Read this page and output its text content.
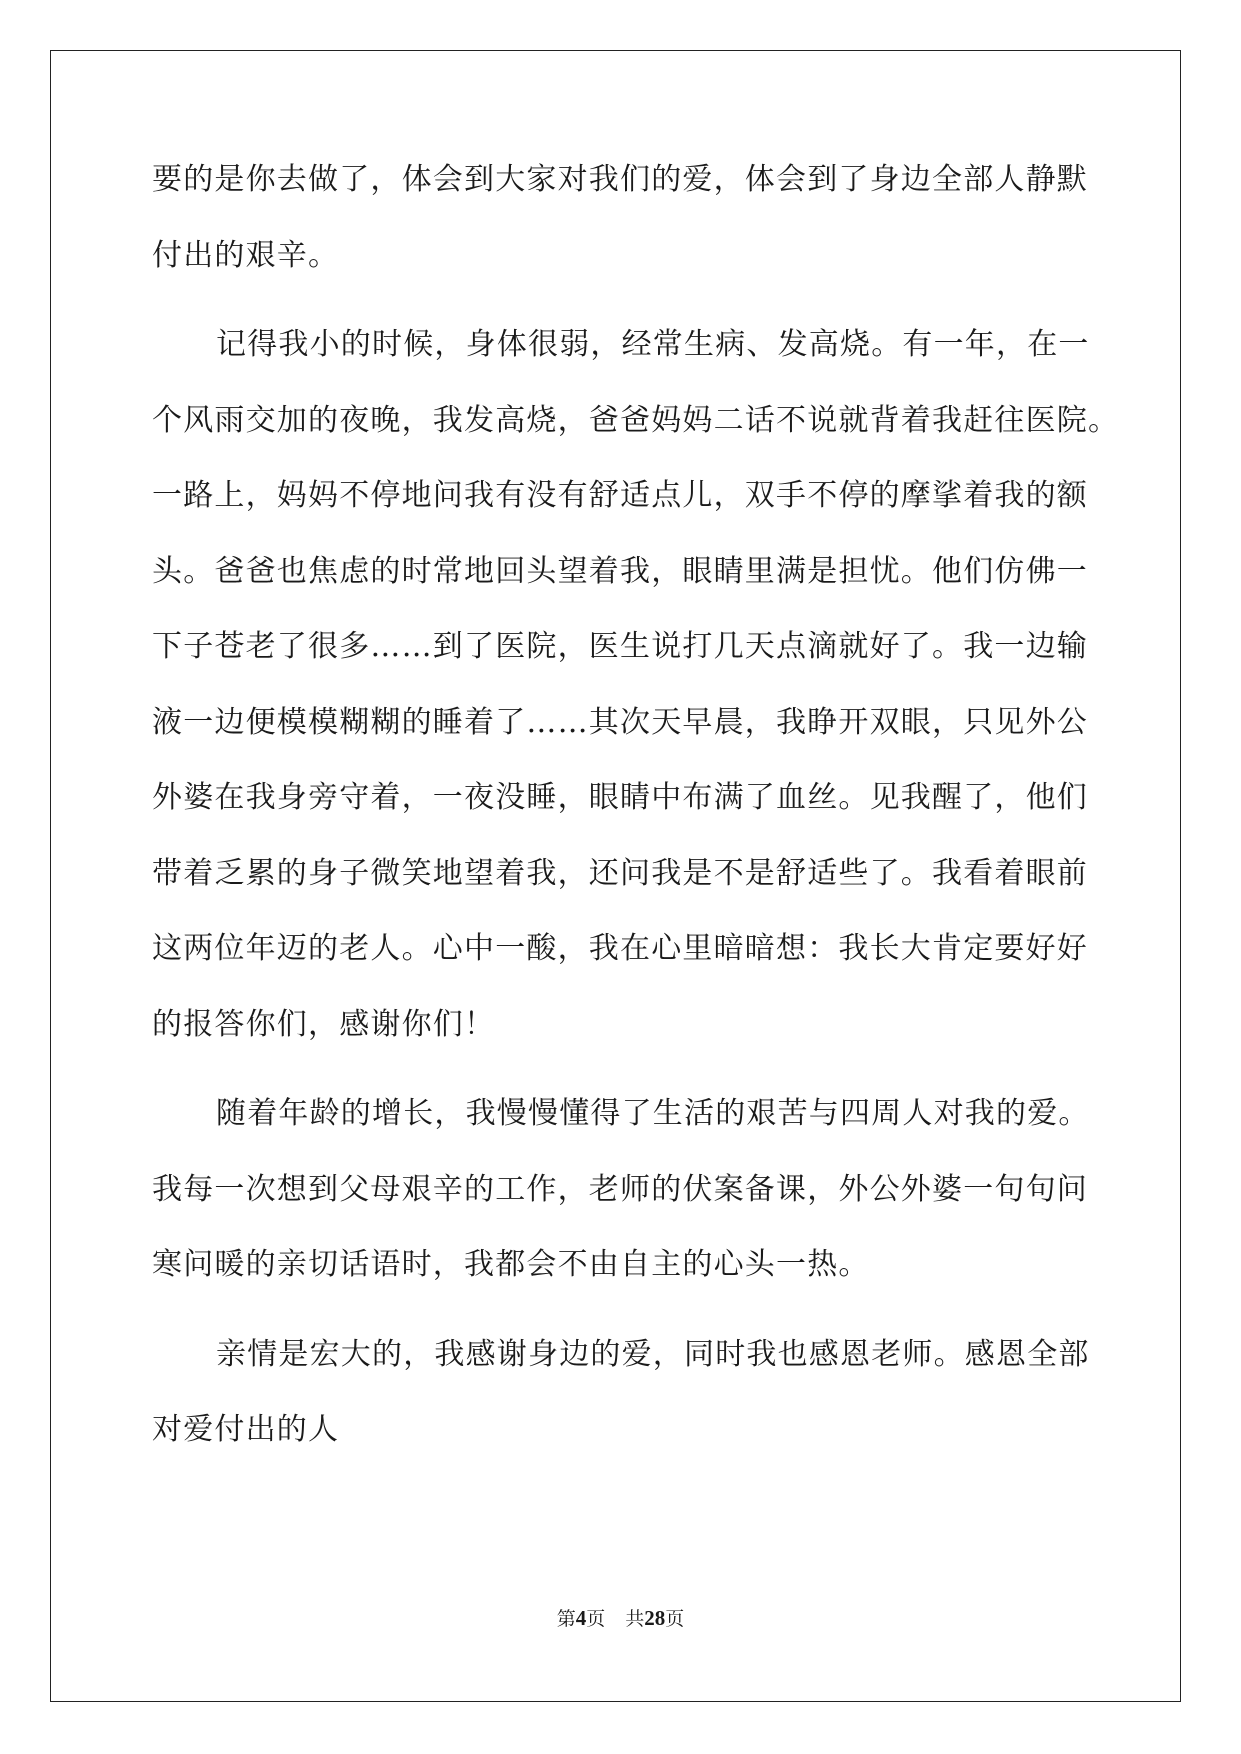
要的是你去做了，体会到大家对我们的爱，体会到了身边全部人静默
付出的艰辛。
记得我小的时候，身体很弱，经常生病、发高烧。有一年，在一
个风雨交加的夜晚，我发高烧，爸爸妈妈二话不说就背着我赶往医院。
一路上，妈妈不停地问我有没有舒适点儿，双手不停的摩挲着我的额
头。爸爸也焦虑的时常地回头望着我，眼睛里满是担忧。他们仿佛一
下子苍老了很多……到了医院，医生说打几天点滴就好了。我一边输
液一边便模模糊糊的睡着了……其次天早晨，我睁开双眼，只见外公
外婆在我身旁守着，一夜没睡，眼睛中布满了血丝。见我醒了，他们
带着乏累的身子微笑地望着我，还问我是不是舒适些了。我看着眼前
这两位年迈的老人。心中一酸，我在心里暗暗想：我长大肯定要好好
的报答你们，感谢你们！
随着年龄的增长，我慢慢懂得了生活的艰苦与四周人对我的爱。
我每一次想到父母艰辛的工作，老师的伏案备课，外公外婆一句句问
寒问暖的亲切话语时，我都会不由自主的心头一热。
亲情是宏大的，我感谢身边的爱，同时我也感恩老师。感恩全部
对爱付出的人
第4页 共28页
